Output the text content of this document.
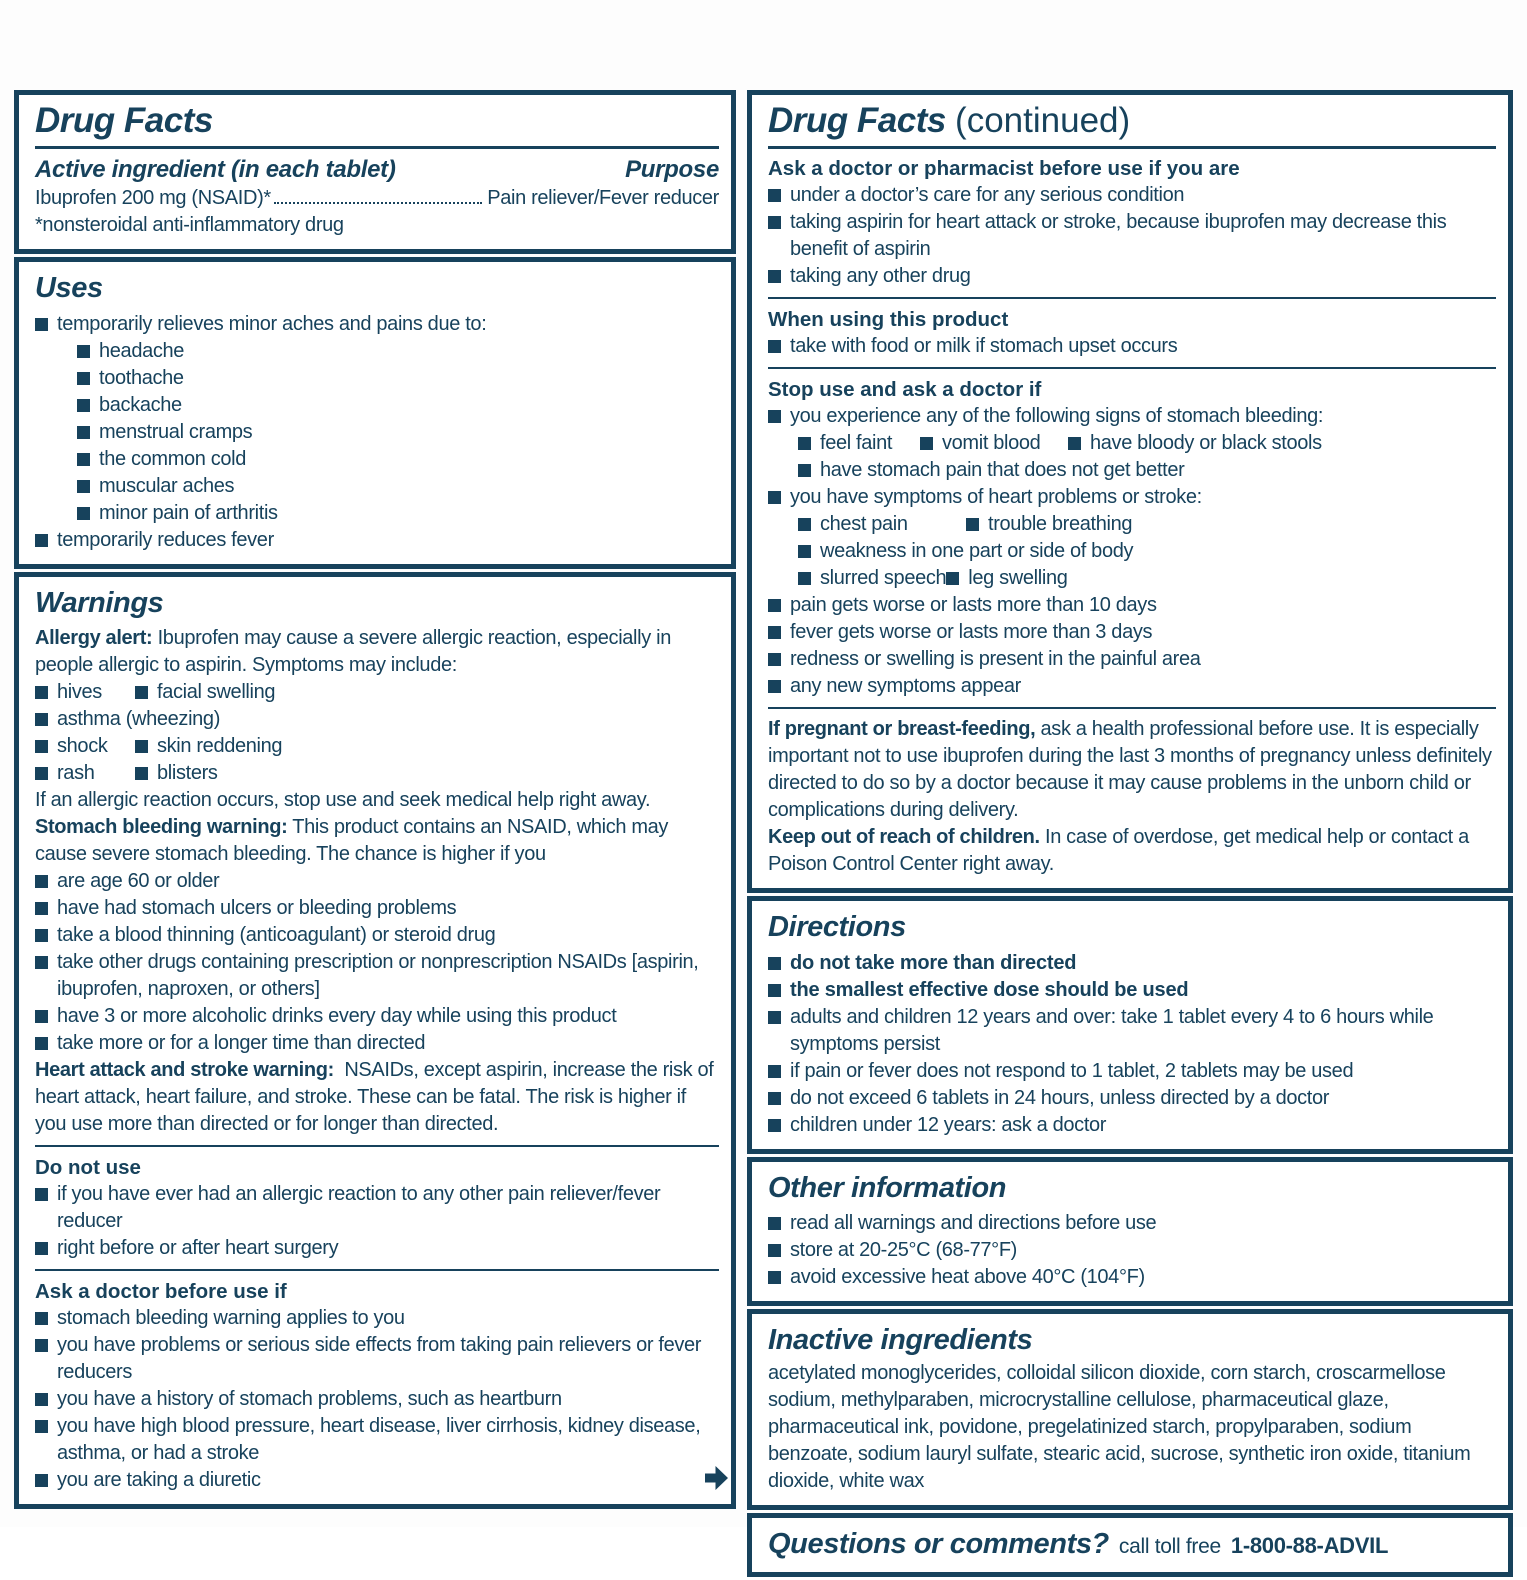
Drug Facts
Active ingredient (in each tablet)	Purpose
Ibuprofen 200 mg (NSAID)*	Pain reliever/Fever reducer

*nonsteroidal anti-inflammatory drug

Uses
temporarily relieves minor aches and pains due to:
headache
toothache
backache
menstrual cramps
the common cold
muscular aches
minor pain of arthritis
temporarily reduces fever
Warnings

Allergy alert: Ibuprofen may cause a severe allergic reaction, especially in people allergic to aspirin. Symptoms may include:

hives	facial swelling
asthma (wheezing)
shock skin reddening
rash	blisters

If an allergic reaction occurs, stop use and seek medical help right away.

Stomach bleeding warning: This product contains an NSAID, which may cause severe stomach bleeding. The chance is higher if you

are age 60 or older
have had stomach ulcers or bleeding problems
take a blood thinning (anticoagulant) or steroid drug
take other drugs containing prescription or nonprescription NSAIDs [aspirin, ibuprofen, naproxen, or others]
have 3 or more alcoholic drinks every day while using this product
take more or for a longer time than directed

Heart attack and stroke warning: NSAIDs, except aspirin, increase the risk of heart attack, heart failure, and stroke. These can be fatal. The risk is higher if you use more than directed or for longer than directed.

Do not use
if you have ever had an allergic reaction to any other pain reliever/fever reducer
right before or after heart surgery
Ask a doctor before use if
stomach bleeding warning applies to you
you have problems or serious side effects from taking pain relievers or fever reducers
you have a history of stomach problems, such as heartburn
you have high blood pressure, heart disease, liver cirrhosis, kidney disease, asthma, or had a stroke
you are taking a diuretic
Drug Facts (continued)
Ask a doctor or pharmacist before use if you are
under a doctor’s care for any serious condition
taking aspirin for heart attack or stroke, because ibuprofen may decrease this benefit of aspirin
taking any other drug
When using this product
take with food or milk if stomach upset occurs
Stop use and ask a doctor if
you experience any of the following signs of stomach bleeding:
feel faint vomit blood have bloody or black stools
have stomach pain that does not get better
you have symptoms of heart problems or stroke:
chest pain	trouble breathing
weakness in one part or side of body
slurred speech leg swelling
pain gets worse or lasts more than 10 days
fever gets worse or lasts more than 3 days
redness or swelling is present in the painful area
any new symptoms appear

If pregnant or breast-feeding, ask a health professional before use. It is especially important not to use ibuprofen during the last 3 months of pregnancy unless definitely directed to do so by a doctor because it may cause problems in the unborn child or complications during delivery.

Keep out of reach of children. In case of overdose, get medical help or contact a Poison Control Center right away.

Directions
do not take more than directed
the smallest effective dose should be used
adults and children 12 years and over: take 1 tablet every 4 to 6 hours while symptoms persist
if pain or fever does not respond to 1 tablet, 2 tablets may be used
do not exceed 6 tablets in 24 hours, unless directed by a doctor
children under 12 years: ask a doctor
Other information
read all warnings and directions before use
store at 20-25°C (68-77°F)
avoid excessive heat above 40°C (104°F)
Inactive ingredients

acetylated monoglycerides, colloidal silicon dioxide, corn starch, croscarmellose sodium, methylparaben, microcrystalline cellulose, pharmaceutical glaze, pharmaceutical ink, povidone, pregelatinized starch, propylparaben, sodium benzoate, sodium lauryl sulfate, stearic acid, sucrose, synthetic iron oxide, titanium dioxide, white wax

Questions or comments? call toll free 1-800-88-ADVIL
